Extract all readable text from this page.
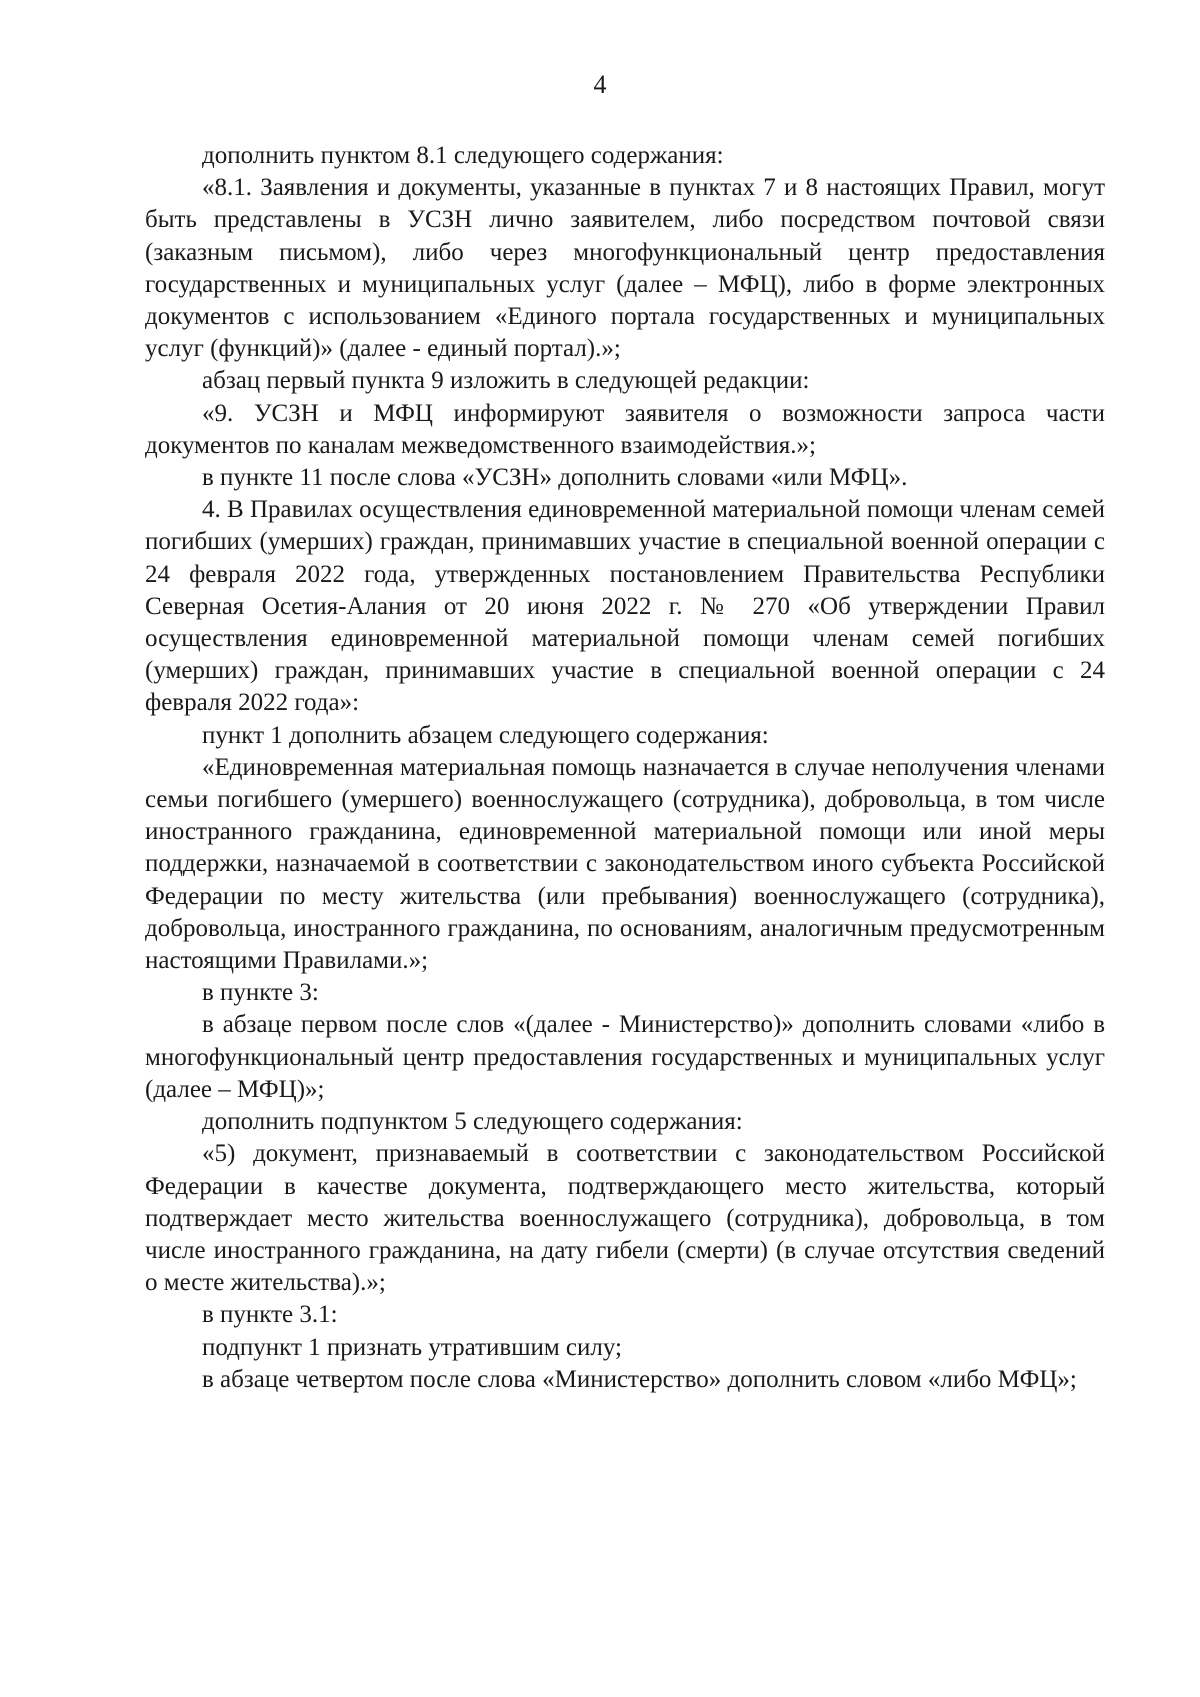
4

дополнить пунктом 8.1 следующего содержания:

«8.1. Заявления и документы, указанные в пунктах 7 и 8 настоящих Правил, могут быть представлены в УСЗН лично заявителем, либо посредством почтовой связи (заказным письмом), либо через многофункциональный центр предоставления государственных и муниципальных услуг (далее – МФЦ), либо в форме электронных документов с использованием «Единого портала государственных и муниципальных услуг (функций)» (далее - единый портал).»;

абзац первый пункта 9 изложить в следующей редакции:

«9. УСЗН и МФЦ информируют заявителя о возможности запроса части документов по каналам межведомственного взаимодействия.»;

в пункте 11 после слова «УСЗН» дополнить словами «или МФЦ».

4. В Правилах осуществления единовременной материальной помощи членам семей погибших (умерших) граждан, принимавших участие в специальной военной операции с 24 февраля 2022 года, утвержденных постановлением Правительства Республики Северная Осетия-Алания от 20 июня 2022 г. № 270 «Об утверждении Правил осуществления единовременной материальной помощи членам семей погибших (умерших) граждан, принимавших участие в специальной военной операции с 24 февраля 2022 года»:

пункт 1 дополнить абзацем следующего содержания:

«Единовременная материальная помощь назначается в случае неполучения членами семьи погибшего (умершего) военнослужащего (сотрудника), добровольца, в том числе иностранного гражданина, единовременной материальной помощи или иной меры поддержки, назначаемой в соответствии с законодательством иного субъекта Российской Федерации по месту жительства (или пребывания) военнослужащего (сотрудника), добровольца, иностранного гражданина, по основаниям, аналогичным предусмотренным настоящими Правилами.»;

в пункте 3:

в абзаце первом после слов «(далее - Министерство)» дополнить словами «либо в многофункциональный центр предоставления государственных и муниципальных услуг (далее – МФЦ)»;

дополнить подпунктом 5 следующего содержания:

«5) документ, признаваемый в соответствии с законодательством Российской Федерации в качестве документа, подтверждающего место жительства, который подтверждает место жительства военнослужащего (сотрудника), добровольца, в том числе иностранного гражданина, на дату гибели (смерти) (в случае отсутствия сведений о месте жительства).»;

в пункте 3.1:

подпункт 1 признать утратившим силу;

в абзаце четвертом после слова «Министерство» дополнить словом «либо МФЦ»;
